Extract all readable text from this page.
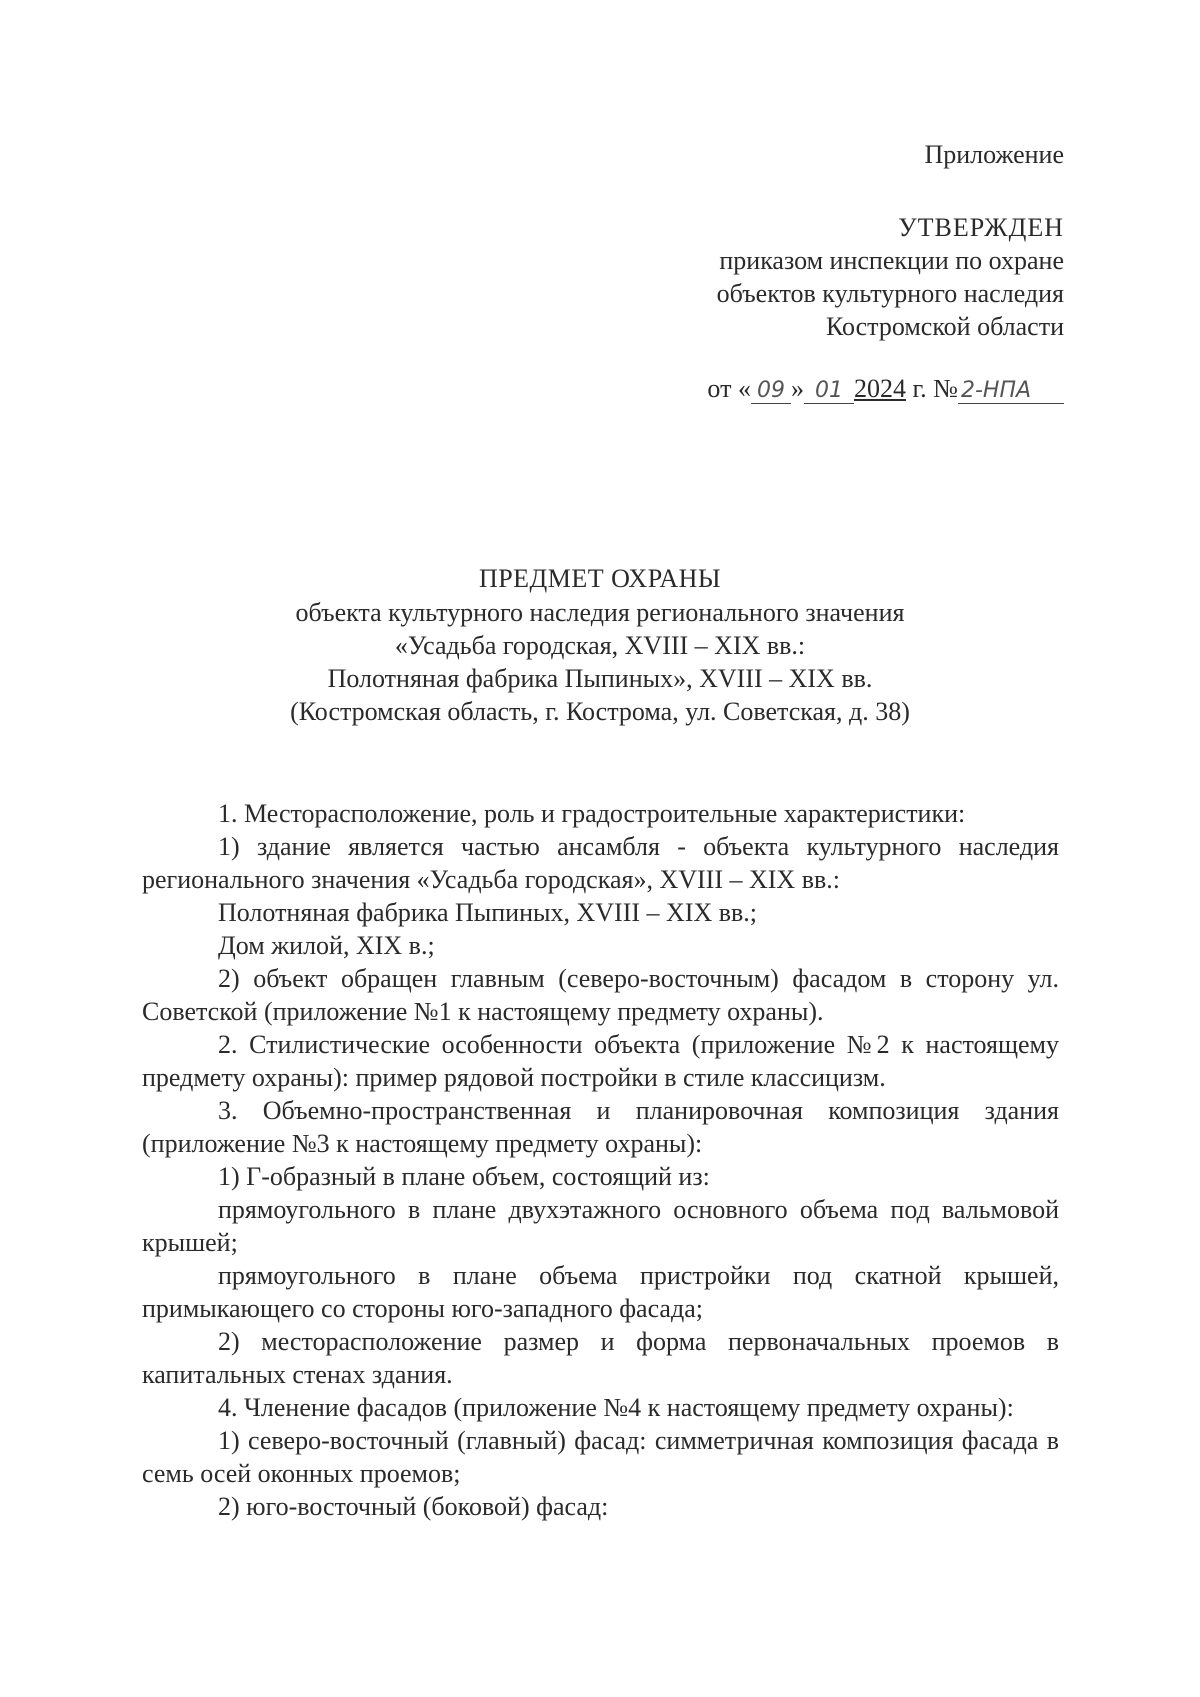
Приложение
УТВЕРЖДЕН
приказом инспекции по охране
объектов культурного наследия
Костромской области
от « 09 » 01 2024 г. № 2-НПА
ПРЕДМЕТ ОХРАНЫ
объекта культурного наследия регионального значения
«Усадьба городская, XVIII – XIX вв.:
Полотняная фабрика Пыпиных», XVIII – XIX вв.
(Костромская область, г. Кострома, ул. Советская, д. 38)

1. Месторасположение, роль и градостроительные характеристики:

1) здание является частью ансамбля - объекта культурного наследия регионального значения «Усадьба городская», XVIII – XIX вв.:

Полотняная фабрика Пыпиных, XVIII – XIX вв.;

Дом жилой, XIX в.;

2) объект обращен главным (северо-восточным) фасадом в сторону ул. Советской (приложение №1 к настоящему предмету охраны).

2. Стилистические особенности объекта (приложение №2 к настоящему предмету охраны): пример рядовой постройки в стиле классицизм.

3. Объемно-пространственная и планировочная композиция здания (приложение №3 к настоящему предмету охраны):

1) Г-образный в плане объем, состоящий из:

прямоугольного в плане двухэтажного основного объема под вальмовой крышей;

прямоугольного в плане объема пристройки под скатной крышей, примыкающего со стороны юго-западного фасада;

2) месторасположение размер и форма первоначальных проемов в капитальных стенах здания.

4. Членение фасадов (приложение №4 к настоящему предмету охраны):

1) северо-восточный (главный) фасад: симметричная композиция фасада в семь осей оконных проемов;

2) юго-восточный (боковой) фасад:
